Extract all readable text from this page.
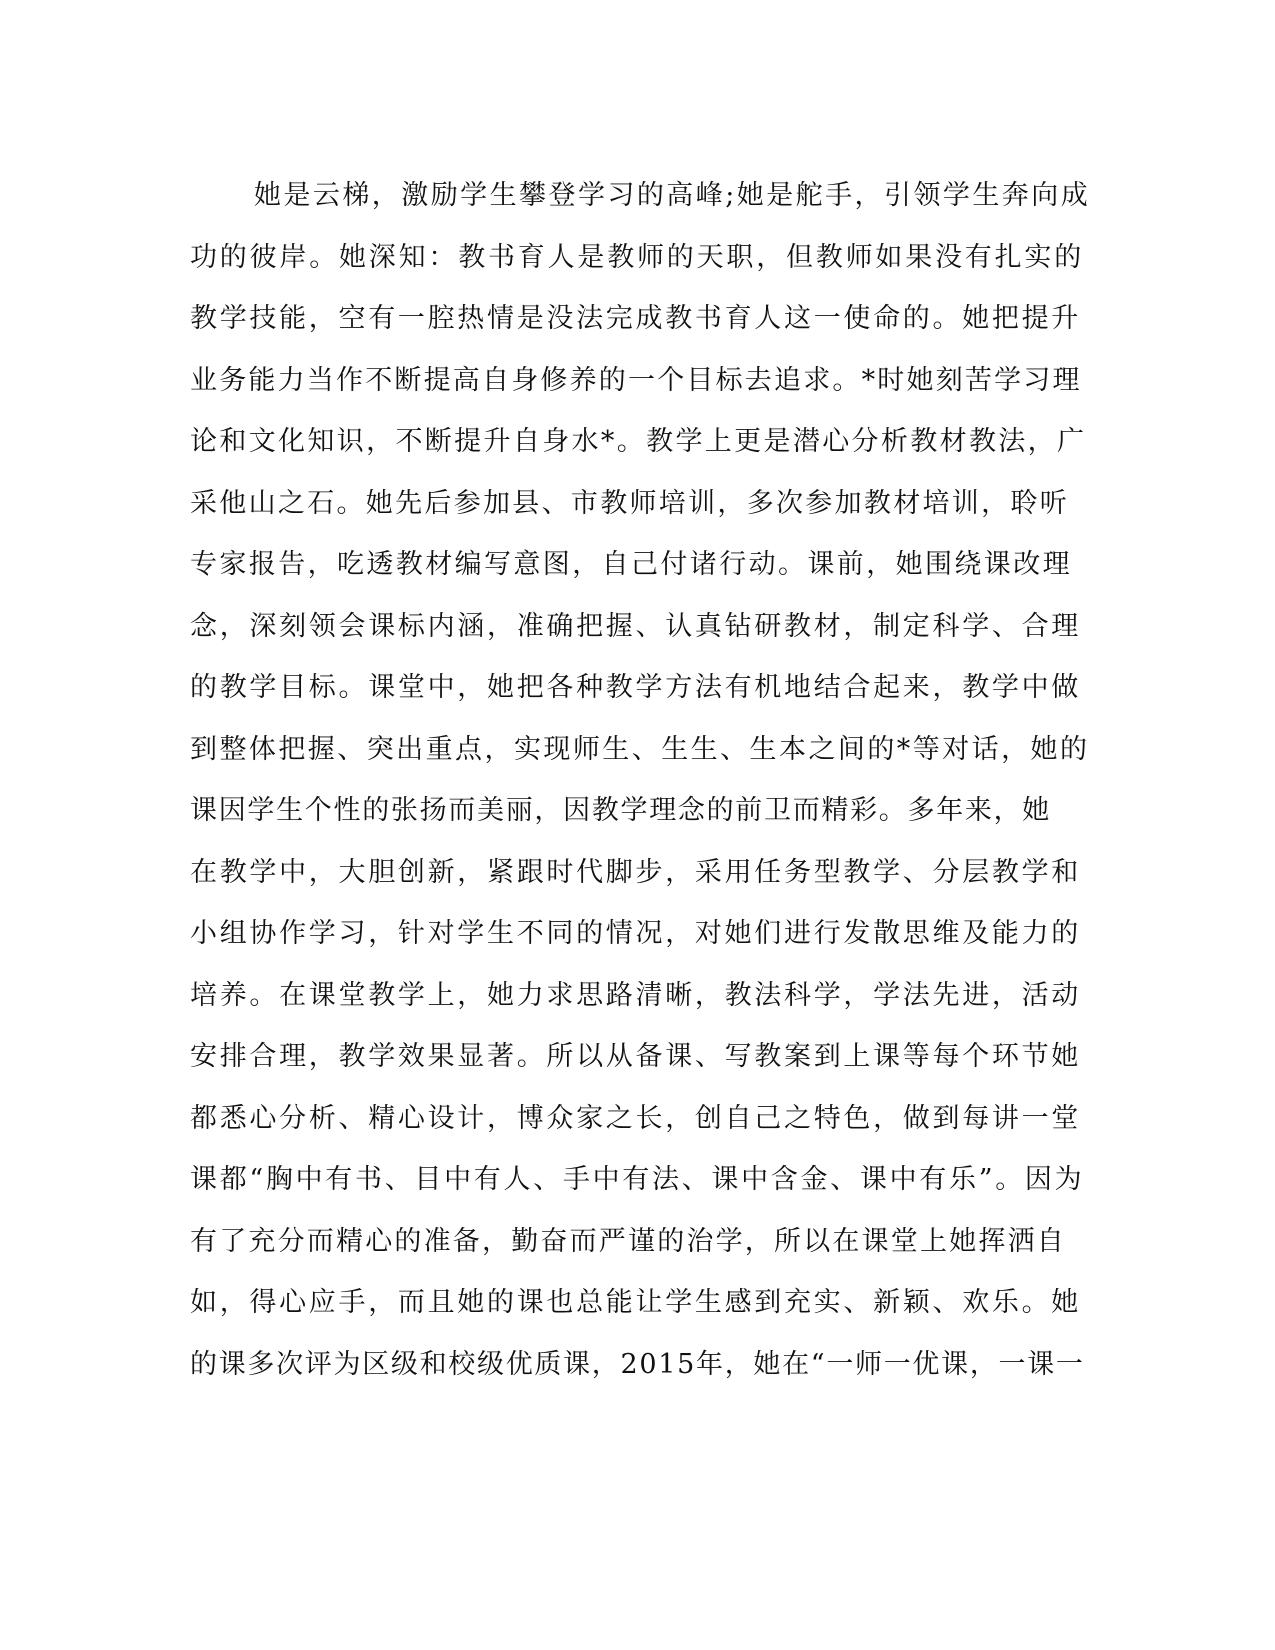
她是云梯，激励学生攀登学习的高峰;她是舵手，引领学生奔向成
功的彼岸。她深知：教书育人是教师的天职，但教师如果没有扎实的
教学技能，空有一腔热情是没法完成教书育人这一使命的。她把提升
业务能力当作不断提高自身修养的一个目标去追求。*时她刻苦学习理
论和文化知识，不断提升自身水*。教学上更是潜心分析教材教法，广
采他山之石。她先后参加县、市教师培训，多次参加教材培训，聆听
专家报告，吃透教材编写意图，自己付诸行动。课前，她围绕课改理
念，深刻领会课标内涵，准确把握、认真钻研教材，制定科学、合理
的教学目标。课堂中，她把各种教学方法有机地结合起来，教学中做
到整体把握、突出重点，实现师生、生生、生本之间的*等对话，她的
课因学生个性的张扬而美丽，因教学理念的前卫而精彩。多年来，她
在教学中，大胆创新，紧跟时代脚步，采用任务型教学、分层教学和
小组协作学习，针对学生不同的情况，对她们进行发散思维及能力的
培养。在课堂教学上，她力求思路清晰，教法科学，学法先进，活动
安排合理，教学效果显著。所以从备课、写教案到上课等每个环节她
都悉心分析、精心设计，博众家之长，创自己之特色，做到每讲一堂
课都“胸中有书、目中有人、手中有法、课中含金、课中有乐”。因为
有了充分而精心的准备，勤奋而严谨的治学，所以在课堂上她挥洒自
如，得心应手，而且她的课也总能让学生感到充实、新颖、欢乐。她
的课多次评为区级和校级优质课，2015年，她在“一师一优课，一课一
